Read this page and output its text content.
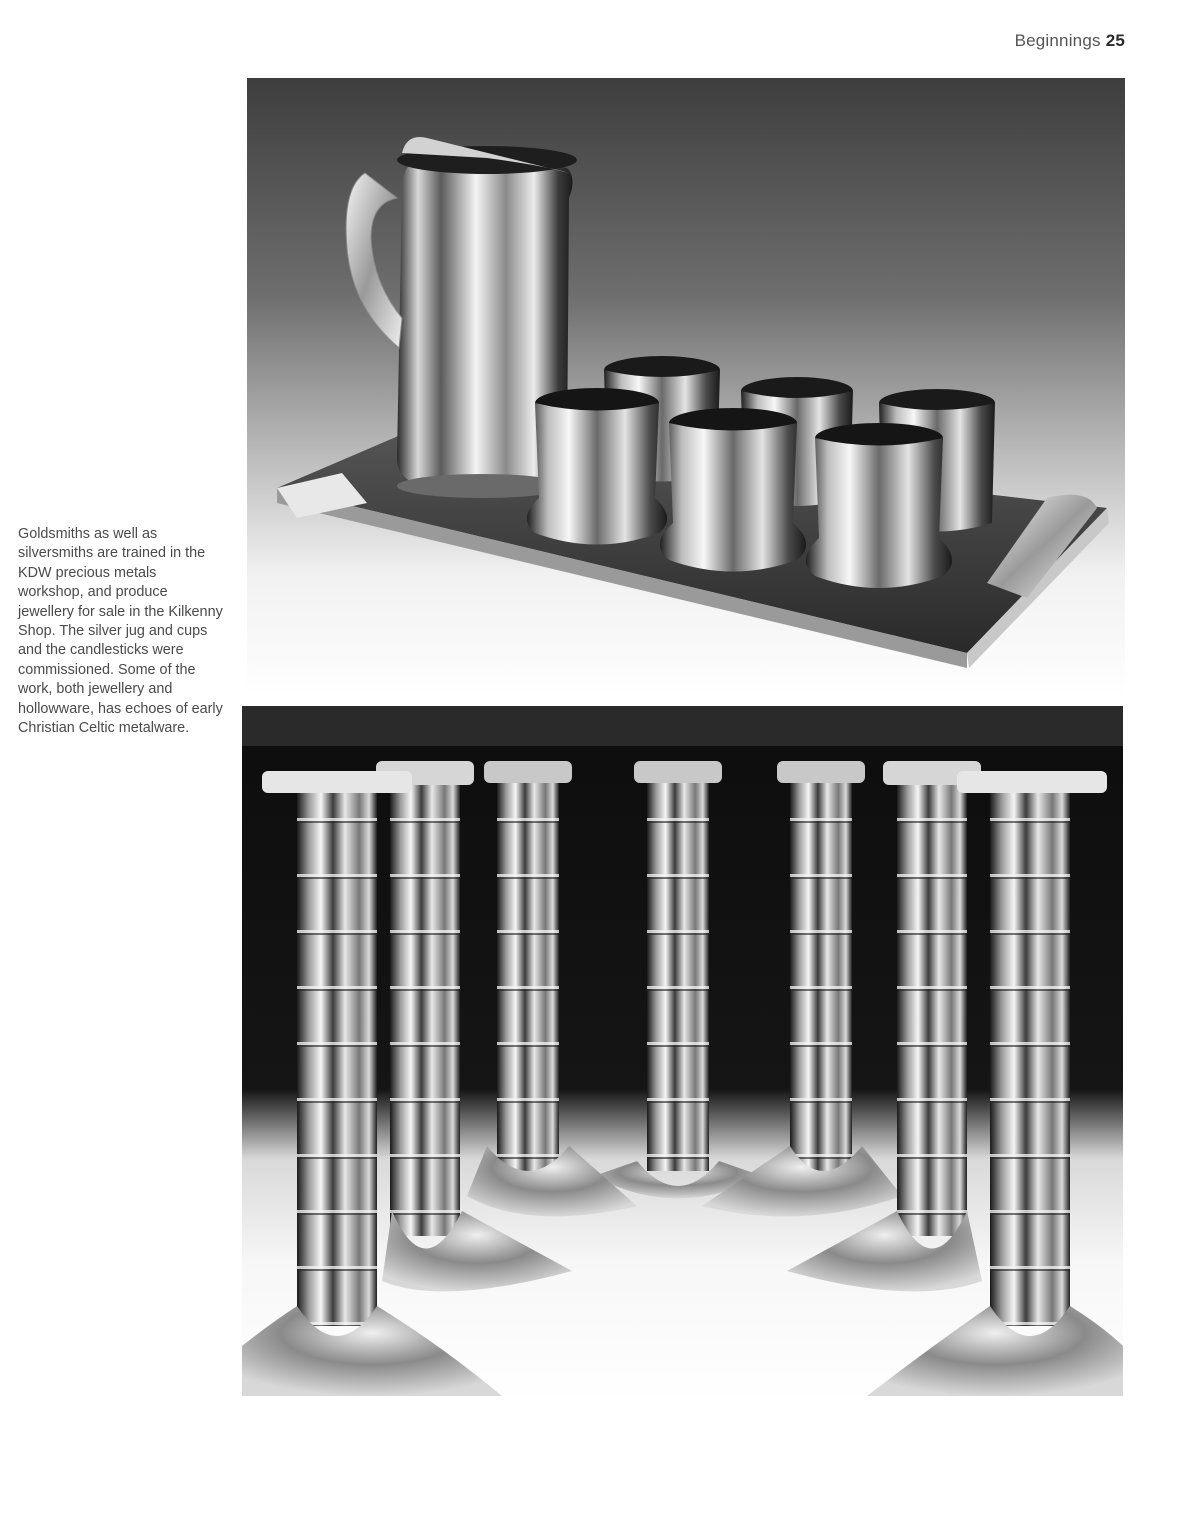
Beginnings 25
Goldsmiths as well as silversmiths are trained in the KDW precious metals workshop, and produce jewellery for sale in the Kilkenny Shop. The silver jug and cups and the candlesticks were commissioned. Some of the work, both jewellery and hollowware, has echoes of early Christian Celtic metalware.
